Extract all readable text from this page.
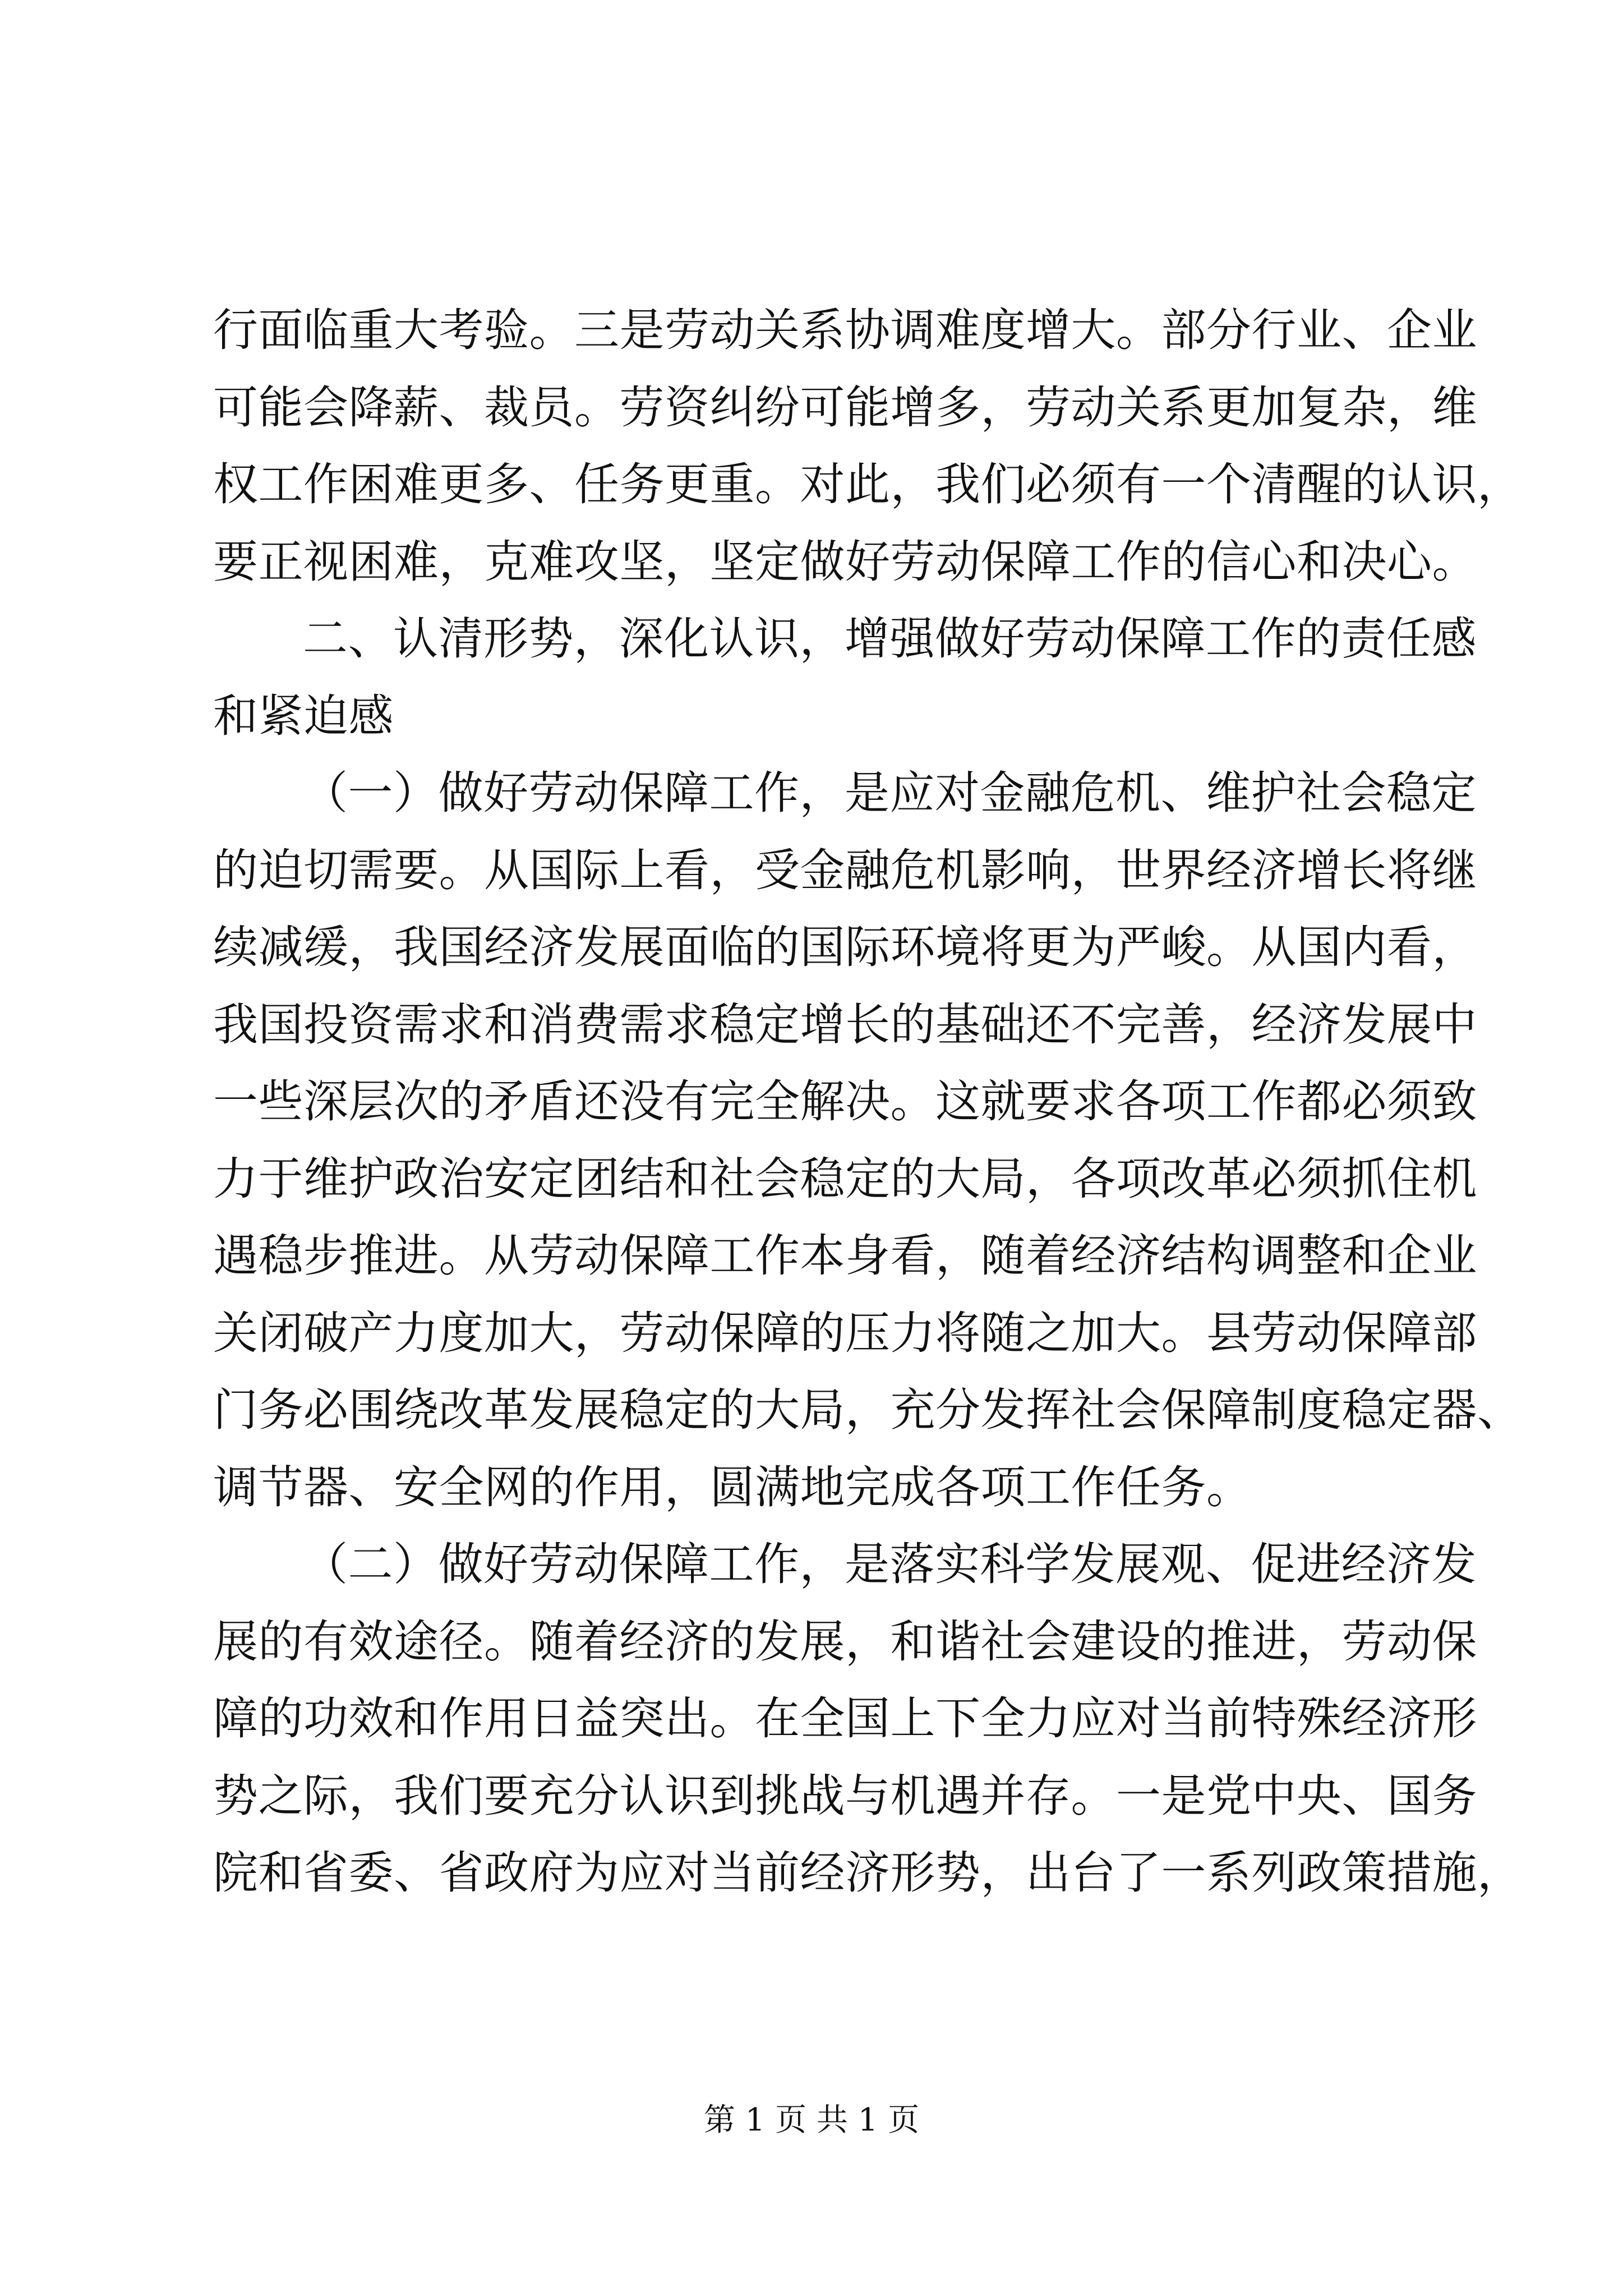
行面临重大考验。三是劳动关系协调难度增大。部分行业、企业
可能会降薪、裁员。劳资纠纷可能增多，劳动关系更加复杂，维
权工作困难更多、任务更重。对此，我们必须有一个清醒的认识，
要正视困难，克难攻坚，坚定做好劳动保障工作的信心和决心。
二、认清形势，深化认识，增强做好劳动保障工作的责任感
和紧迫感
（一）做好劳动保障工作，是应对金融危机、维护社会稳定
的迫切需要。从国际上看，受金融危机影响，世界经济增长将继
续减缓，我国经济发展面临的国际环境将更为严峻。从国内看，
我国投资需求和消费需求稳定增长的基础还不完善，经济发展中
一些深层次的矛盾还没有完全解决。这就要求各项工作都必须致
力于维护政治安定团结和社会稳定的大局，各项改革必须抓住机
遇稳步推进。从劳动保障工作本身看，随着经济结构调整和企业
关闭破产力度加大，劳动保障的压力将随之加大。县劳动保障部
门务必围绕改革发展稳定的大局，充分发挥社会保障制度稳定器、
调节器、安全网的作用，圆满地完成各项工作任务。
（二）做好劳动保障工作，是落实科学发展观、促进经济发
展的有效途径。随着经济的发展，和谐社会建设的推进，劳动保
障的功效和作用日益突出。在全国上下全力应对当前特殊经济形
势之际，我们要充分认识到挑战与机遇并存。一是党中央、国务
院和省委、省政府为应对当前经济形势，出台了一系列政策措施，
第 1 页 共 1 页
